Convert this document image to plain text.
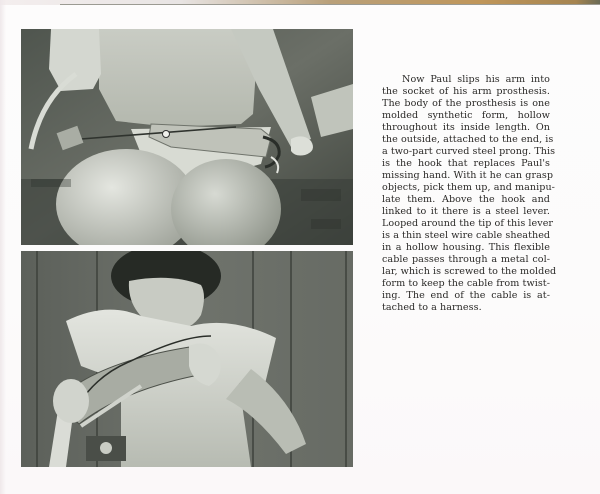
Now Paul slips his arm into
the socket of his arm prosthesis.
The body of the prosthesis is one
molded synthetic form, hollow
throughout its inside length. On
the outside, attached to the end, is
a two-part curved steel prong. This
is the hook that replaces Paul's
missing hand. With it he can grasp
objects, pick them up, and manipu-
late them. Above the hook and
linked to it there is a steel lever.
Looped around the tip of this lever
is a thin steel wire cable sheathed
in a hollow housing. This flexible
cable passes through a metal col-
lar, which is screwed to the molded
form to keep the cable from twist-
ing. The end of the cable is at-
tached to a harness.
